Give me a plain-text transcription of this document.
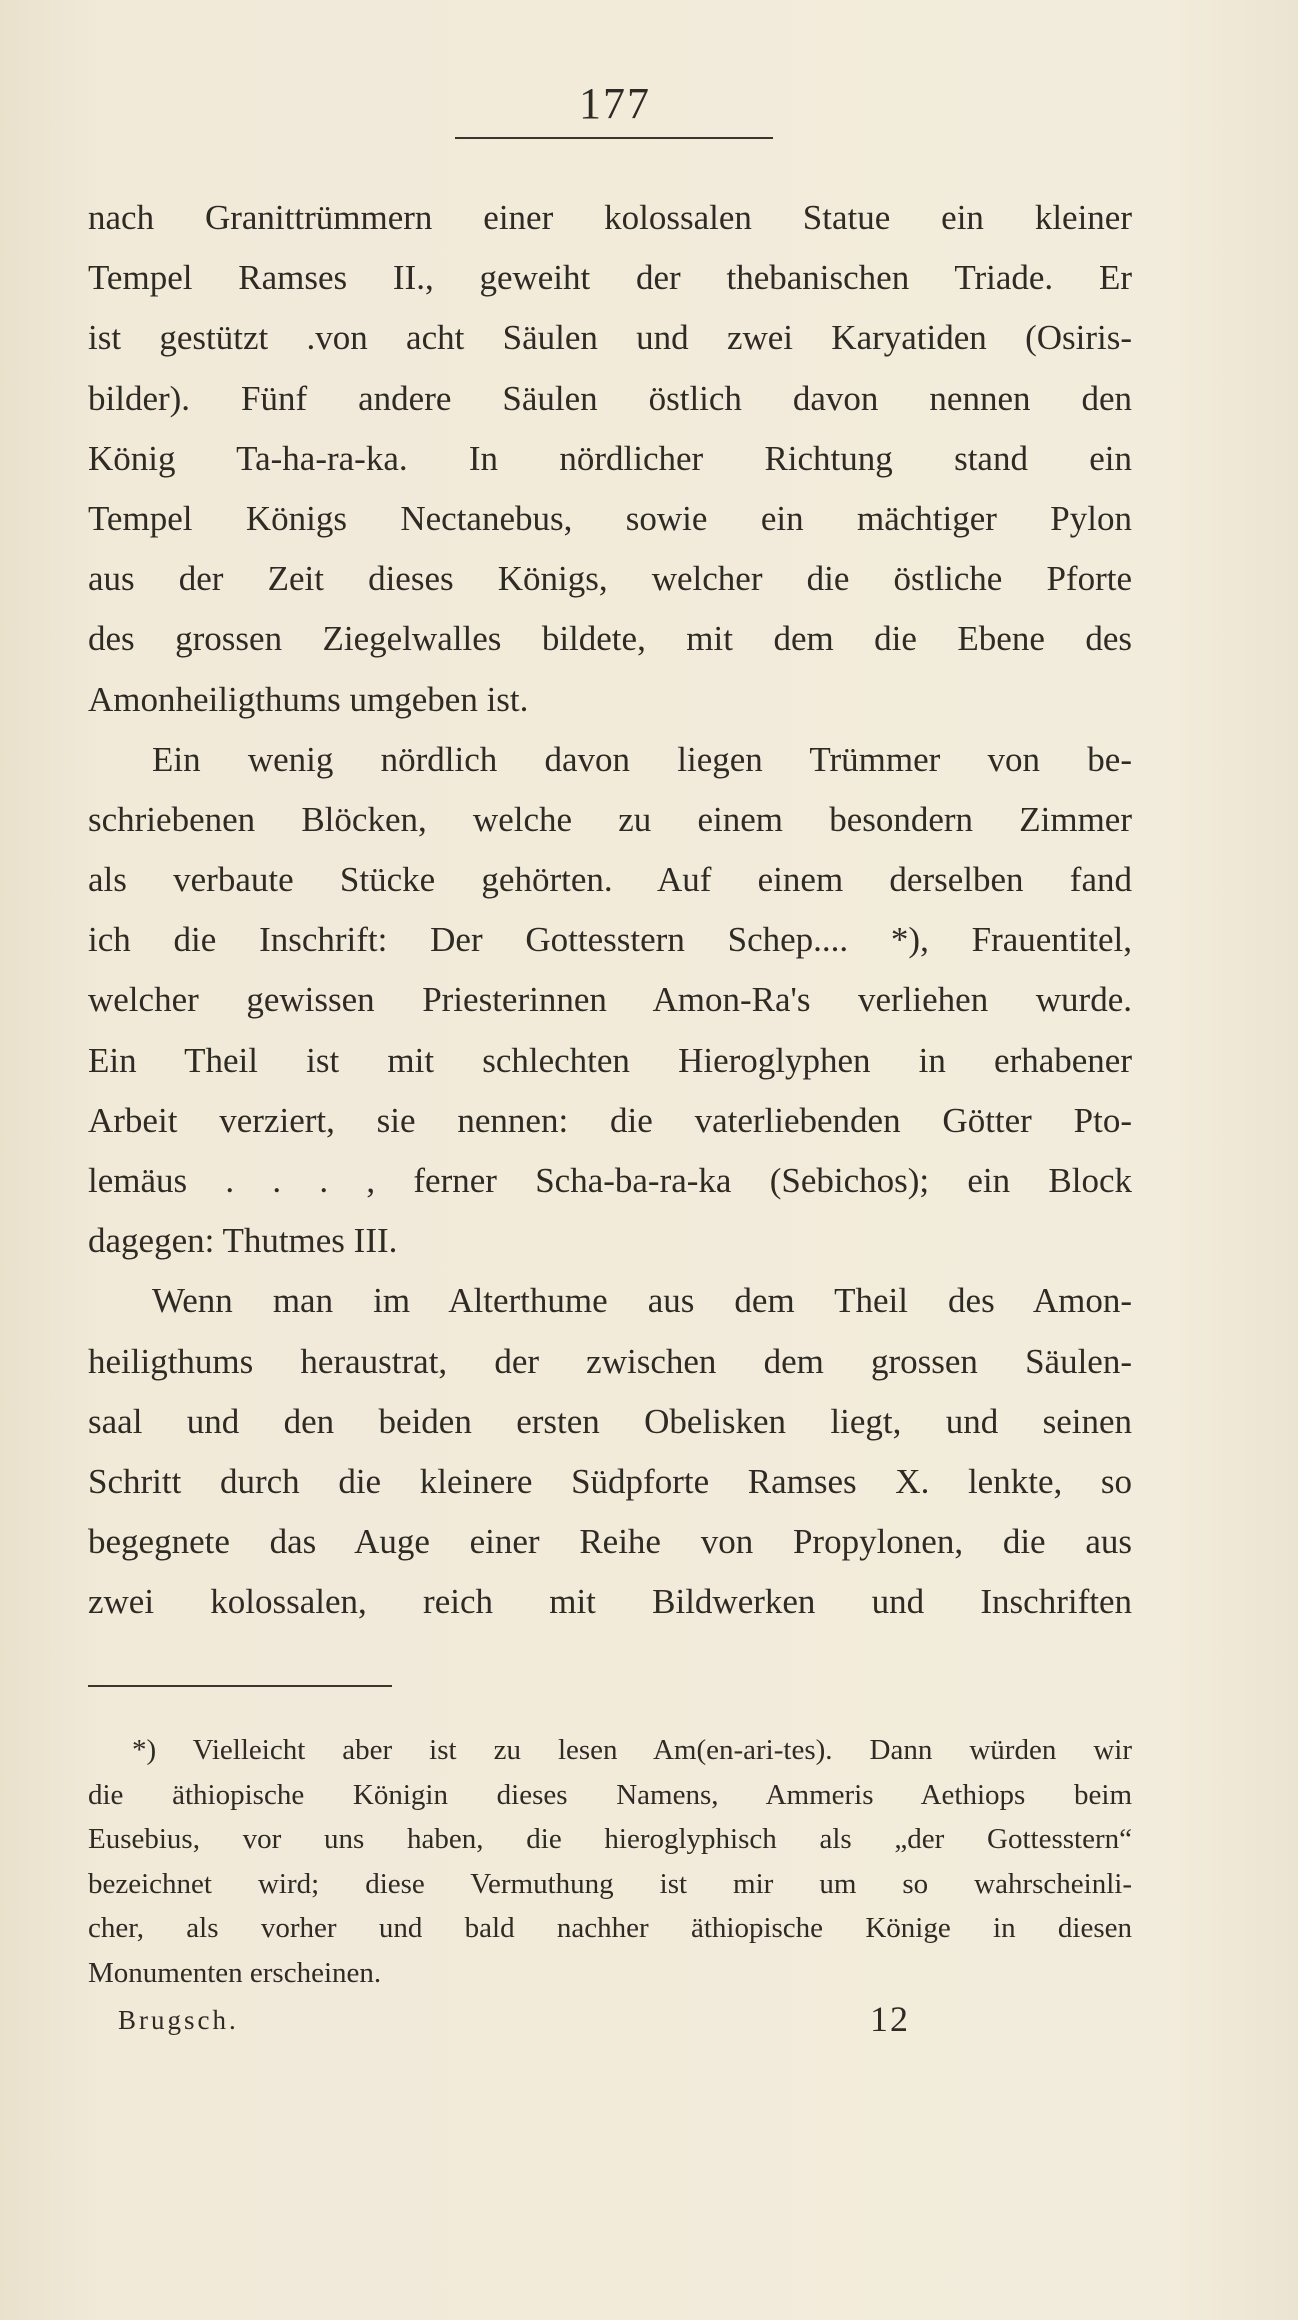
177
nach Granittrümmern einer kolossalen Statue ein kleiner
Tempel Ramses II., geweiht der thebanischen Triade. Er
ist gestützt .von acht Säulen und zwei Karyatiden (Osiris-
bilder). Fünf andere Säulen östlich davon nennen den
König Ta-ha-ra-ka. In nördlicher Richtung stand ein
Tempel Königs Nectanebus, sowie ein mächtiger Pylon
aus der Zeit dieses Königs, welcher die östliche Pforte
des grossen Ziegelwalles bildete, mit dem die Ebene des
Amonheiligthums umgeben ist.
Ein wenig nördlich davon liegen Trümmer von be-
schriebenen Blöcken, welche zu einem besondern Zimmer
als verbaute Stücke gehörten. Auf einem derselben fand
ich die Inschrift: Der Gottesstern Schep.... *), Frauentitel,
welcher gewissen Priesterinnen Amon-Ra's verliehen wurde.
Ein Theil ist mit schlechten Hieroglyphen in erhabener
Arbeit verziert, sie nennen: die vaterliebenden Götter Pto-
lemäus . . . , ferner Scha-ba-ra-ka (Sebichos); ein Block
dagegen: Thutmes III.
Wenn man im Alterthume aus dem Theil des Amon-
heiligthums heraustrat, der zwischen dem grossen Säulen-
saal und den beiden ersten Obelisken liegt, und seinen
Schritt durch die kleinere Südpforte Ramses X. lenkte, so
begegnete das Auge einer Reihe von Propylonen, die aus
zwei kolossalen, reich mit Bildwerken und Inschriften
*) Vielleicht aber ist zu lesen Am(en-ari-tes). Dann würden wir
die äthiopische Königin dieses Namens, Ammeris Aethiops beim
Eusebius, vor uns haben, die hieroglyphisch als „der Gottesstern“
bezeichnet wird; diese Vermuthung ist mir um so wahrscheinli-
cher, als vorher und bald nachher äthiopische Könige in diesen
Monumenten erscheinen.
Brugsch.	12
